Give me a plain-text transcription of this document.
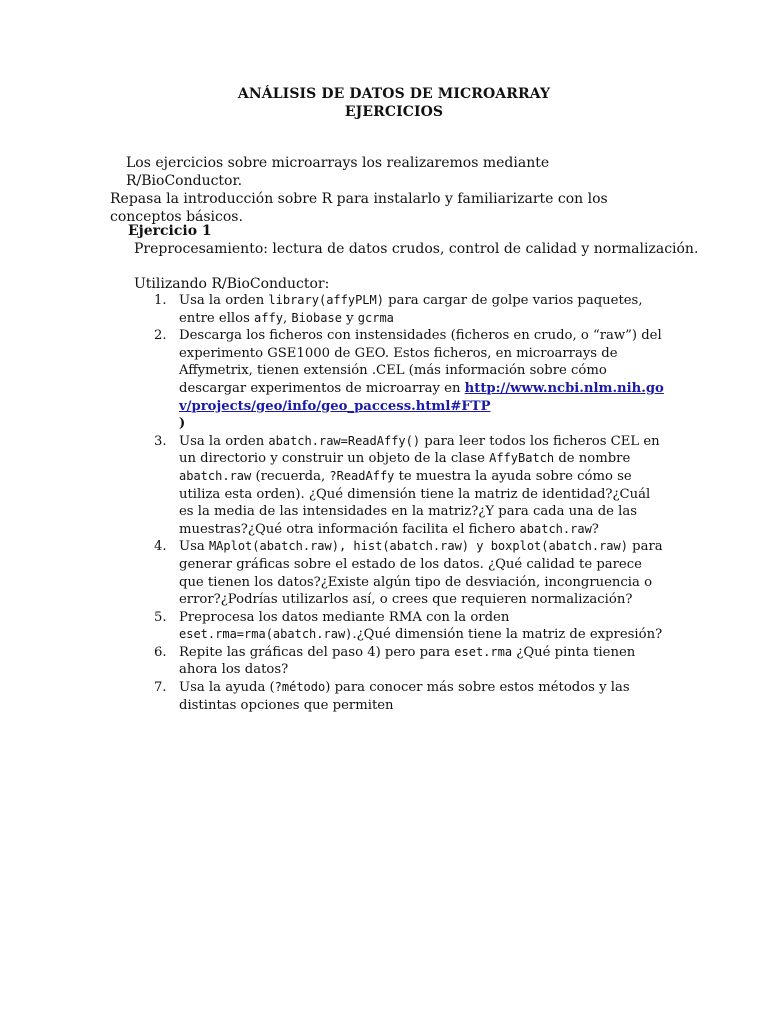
ANÁLISIS DE DATOS DE MICROARRAY
EJERCICIOS
Los ejercicios sobre microarrays los realizaremos mediante R/BioConductor.
Repasa la introducción sobre R para instalarlo y familiarizarte con los conceptos básicos.
Ejercicio 1
Preprocesamiento: lectura de datos crudos, control de calidad y normalización.
Utilizando R/BioConductor:
1. Usa la orden library(affyPLM) para cargar de golpe varios paquetes, entre ellos affy, Biobase y gcrma
2. Descarga los ficheros con instensidades (ficheros en crudo, o “raw”) del experimento GSE1000 de GEO. Estos ficheros, en microarrays de Affymetrix, tienen extensión .CEL (más información sobre cómo descargar experimentos de microarray en http://www.ncbi.nlm.nih.gov/projects/geo/info/geo_paccess.html#FTP
)
3. Usa la orden abatch.raw=ReadAffy() para leer todos los ficheros CEL en un directorio y construir un objeto de la clase AffyBatch de nombre abatch.raw (recuerda, ?ReadAffy te muestra la ayuda sobre cómo se utiliza esta orden). ¿Qué dimensión tiene la matriz de identidad?¿Cuál es la media de las intensidades en la matriz?¿Y para cada una de las muestras?¿Qué otra información facilita el fichero abatch.raw?
4. Usa MAplot(abatch.raw), hist(abatch.raw) y boxplot(abatch.raw) para generar gráficas sobre el estado de los datos. ¿Qué calidad te parece que tienen los datos?¿Existe algún tipo de desviación, incongruencia o error?¿Podrías utilizarlos así, o crees que requieren normalización?
5. Preprocesa los datos mediante RMA con la orden eset.rma=rma(abatch.raw).¿Qué dimensión tiene la matriz de expresión?
6. Repite las gráficas del paso 4) pero para eset.rma ¿Qué pinta tienen ahora los datos?
7. Usa la ayuda (?método) para conocer más sobre estos métodos y las distintas opciones que permiten
